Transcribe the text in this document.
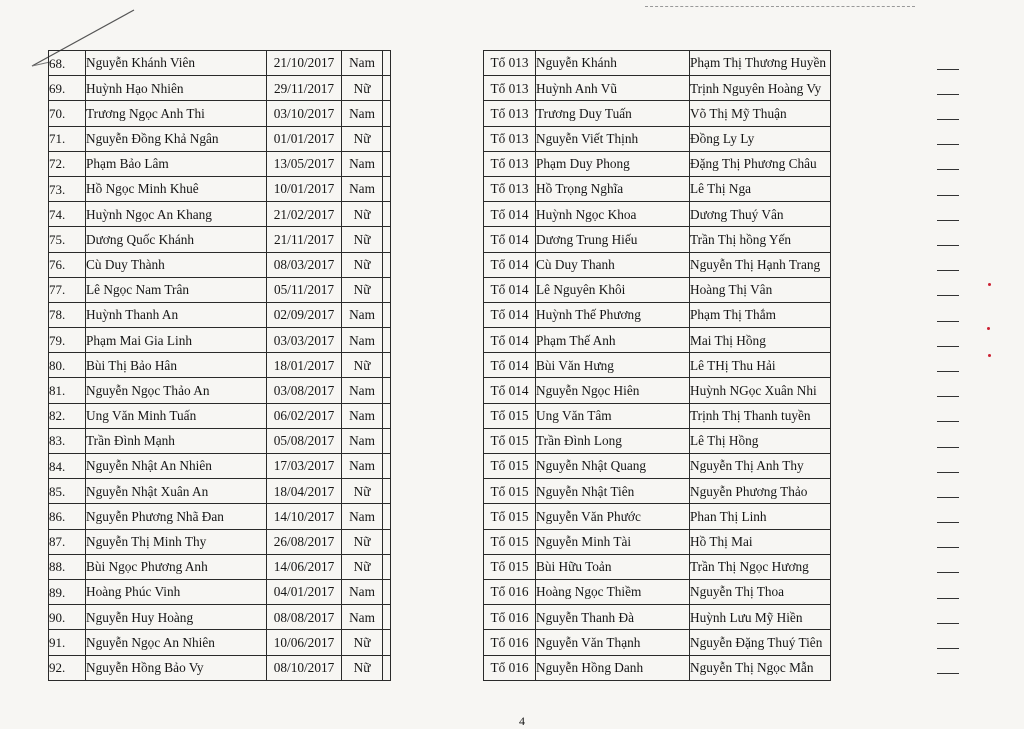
68.	Nguyễn Khánh Viên	21/10/2017	Nam			Tổ 013	Nguyễn Khánh	Phạm Thị Thương Huyền	

69.	Huỳnh Hạo Nhiên	29/11/2017	Nữ			Tổ 013	Huỳnh Anh Vũ	Trịnh Nguyên Hoàng Vy	

70.	Trương Ngọc Anh Thi	03/10/2017	Nam			Tổ 013	Trương Duy Tuấn	Võ Thị Mỹ Thuận	

71.	Nguyễn Đồng Khả Ngân	01/01/2017	Nữ			Tổ 013	Nguyễn Viết Thịnh	Đồng Ly Ly	

72.	Phạm Bảo Lâm	13/05/2017	Nam			Tổ 013	Phạm Duy Phong	Đặng Thị Phương Châu	

73.	Hồ Ngọc Minh Khuê	10/01/2017	Nam			Tổ 013	Hồ Trọng Nghĩa	Lê Thị Nga	

74.	Huỳnh Ngọc An Khang	21/02/2017	Nữ			Tổ 014	Huỳnh Ngọc Khoa	Dương Thuý Vân	

75.	Dương Quốc Khánh	21/11/2017	Nữ			Tổ 014	Dương Trung Hiếu	Trần Thị hồng Yến	

76.	Cù Duy Thành	08/03/2017	Nữ			Tổ 014	Cù Duy Thanh	Nguyễn Thị Hạnh Trang	

77.	Lê Ngọc Nam Trân	05/11/2017	Nữ			Tổ 014	Lê Nguyên Khôi	Hoàng Thị Vân	

78.	Huỳnh Thanh An	02/09/2017	Nam			Tổ 014	Huỳnh Thế Phương	Phạm Thị Thắm	

79.	Phạm Mai Gia Linh	03/03/2017	Nam			Tổ 014	Phạm Thế Anh	Mai Thị Hồng	

80.	Bùi Thị Bảo Hân	18/01/2017	Nữ			Tổ 014	Bùi Văn Hưng	Lê THị Thu Hải	

81.	Nguyễn Ngọc Thảo An	03/08/2017	Nam			Tổ 014	Nguyễn Ngọc Hiên	Huỳnh NGọc Xuân Nhi	

82.	Ung Văn Minh Tuấn	06/02/2017	Nam			Tổ 015	Ung Văn Tâm	Trịnh Thị Thanh tuyền	

83.	Trần Đình Mạnh	05/08/2017	Nam			Tổ 015	Trần Đình Long	Lê Thị Hồng	

84.	Nguyễn Nhật An Nhiên	17/03/2017	Nam			Tổ 015	Nguyễn Nhật Quang	Nguyễn Thị Anh Thy	

85.	Nguyễn Nhật Xuân An	18/04/2017	Nữ			Tổ 015	Nguyễn Nhật Tiên	Nguyễn Phương Thảo	

86.	Nguyễn Phương Nhã Đan	14/10/2017	Nam			Tổ 015	Nguyễn Văn Phước	Phan Thị Linh	

87.	Nguyễn Thị Minh Thy	26/08/2017	Nữ			Tổ 015	Nguyễn Minh Tài	Hồ Thị Mai	

88.	Bùi Ngọc Phương Anh	14/06/2017	Nữ			Tổ 015	Bùi Hữu Toản	Trần Thị Ngọc Hương	

89.	Hoàng Phúc Vinh	04/01/2017	Nam			Tổ 016	Hoàng Ngọc Thiềm	Nguyễn Thị Thoa	

90.	Nguyễn Huy Hoàng	08/08/2017	Nam			Tổ 016	Nguyễn Thanh Đà	Huỳnh Lưu Mỹ Hiền	

91.	Nguyễn Ngọc An Nhiên	10/06/2017	Nữ			Tổ 016	Nguyễn Văn Thạnh	Nguyễn Đặng Thuý Tiên	

92.	Nguyễn Hồng Bảo Vy	08/10/2017	Nữ			Tổ 016	Nguyễn Hồng Danh	Nguyễn Thị Ngọc Mẫn	
4
